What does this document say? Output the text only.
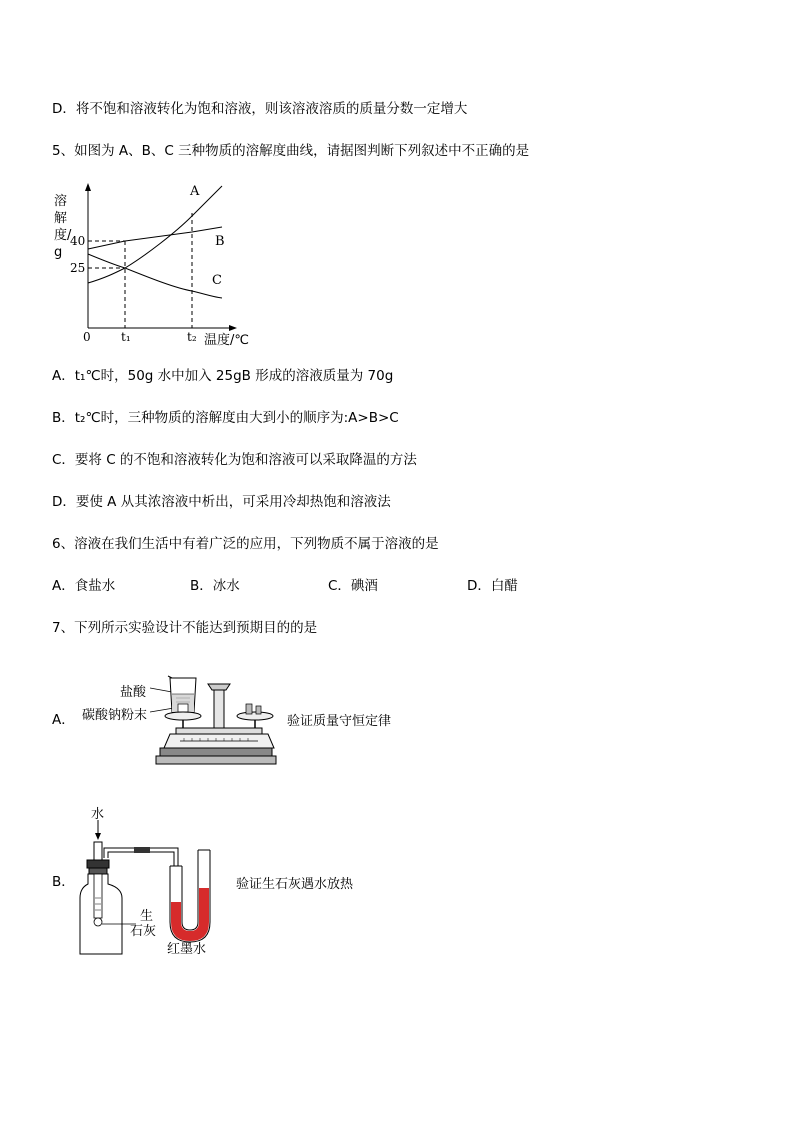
D．将不饱和溶液转化为饱和溶液，则该溶液溶质的质量分数一定增大
5、如图为 A、B、C 三种物质的溶解度曲线，请据图判断下列叙述中不正确的是
A
B
C
40
25
0	t₁	t₂
溶解度/g
温度/℃
A．t₁℃时，50g 水中加入 25gB 形成的溶液质量为 70g
B．t₂℃时，三种物质的溶解度由大到小的顺序为:A>B>C
C．要将 C 的不饱和溶液转化为饱和溶液可以采取降温的方法
D．要使 A 从其浓溶液中析出，可采用冷却热饱和溶液法
6、溶液在我们生活中有着广泛的应用，下列物质不属于溶液的是
A．食盐水	B．冰水	C．碘酒	D．白醋
7、下列所示实验设计不能达到预期目的的是
A．
盐酸
碳酸钠粉末	验证质量守恒定律
B．
水
生
石灰
红墨水
验证生石灰遇水放热
